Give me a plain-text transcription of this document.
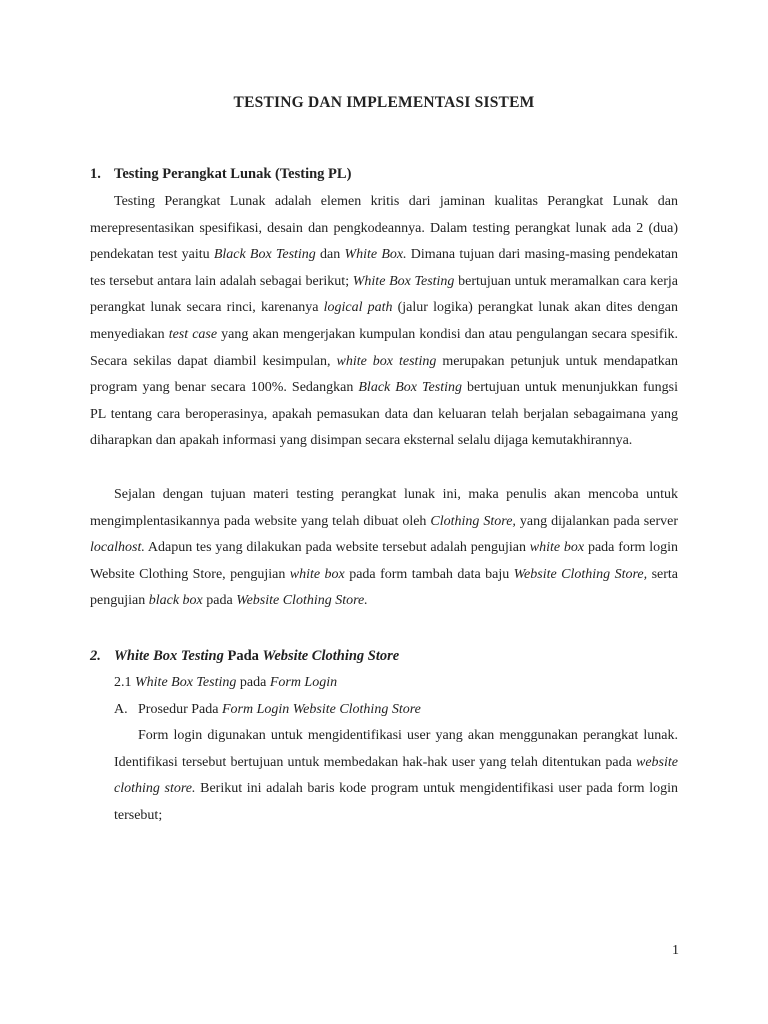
TESTING DAN IMPLEMENTASI SISTEM
1. Testing Perangkat Lunak (Testing PL)

Testing Perangkat Lunak adalah elemen kritis dari jaminan kualitas Perangkat Lunak dan merepresentasikan spesifikasi, desain dan pengkodeannya. Dalam testing perangkat lunak ada 2 (dua) pendekatan test yaitu Black Box Testing dan White Box. Dimana tujuan dari masing-masing pendekatan tes tersebut antara lain adalah sebagai berikut; White Box Testing bertujuan untuk meramalkan cara kerja perangkat lunak secara rinci, karenanya logical path (jalur logika) perangkat lunak akan dites dengan menyediakan test case yang akan mengerjakan kumpulan kondisi dan atau pengulangan secara spesifik. Secara sekilas dapat diambil kesimpulan, white box testing merupakan petunjuk untuk mendapatkan program yang benar secara 100%. Sedangkan Black Box Testing bertujuan untuk menunjukkan fungsi PL tentang cara beroperasinya, apakah pemasukan data dan keluaran telah berjalan sebagaimana yang diharapkan dan apakah informasi yang disimpan secara eksternal selalu dijaga kemutakhirannya.

Sejalan dengan tujuan materi testing perangkat lunak ini, maka penulis akan mencoba untuk mengimplentasikannya pada website yang telah dibuat oleh Clothing Store, yang dijalankan pada server localhost. Adapun tes yang dilakukan pada website tersebut adalah pengujian white box pada form login Website Clothing Store, pengujian white box pada form tambah data baju Website Clothing Store, serta pengujian black box pada Website Clothing Store.

2. White Box Testing Pada Website Clothing Store
2.1 White Box Testing pada Form Login
A. Prosedur Pada Form Login Website Clothing Store

Form login digunakan untuk mengidentifikasi user yang akan menggunakan perangkat lunak. Identifikasi tersebut bertujuan untuk membedakan hak-hak user yang telah ditentukan pada website clothing store. Berikut ini adalah baris kode program untuk mengidentifikasi user pada form login tersebut;

1
